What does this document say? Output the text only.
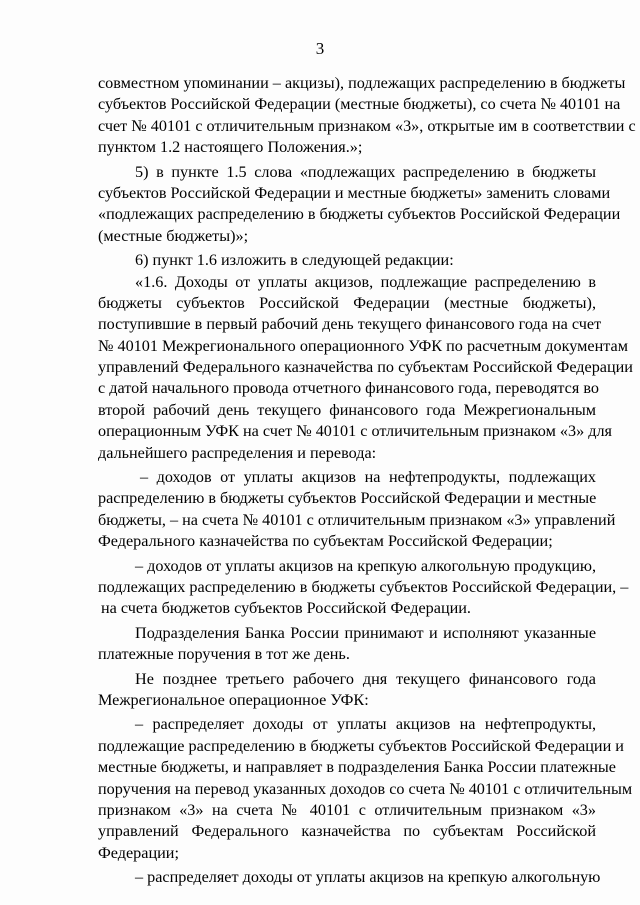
3
совместном упоминании – акцизы), подлежащих распределению в бюджеты
субъектов Российской Федерации (местные бюджеты), со счета № 40101 на
счет № 40101 с отличительным признаком «3», открытые им в соответствии с
пунктом 1.2 настоящего Положения.»;
5) в пункте 1.5 слова «подлежащих распределению в бюджеты
субъектов Российской Федерации и местные бюджеты» заменить словами
«подлежащих распределению в бюджеты субъектов Российской Федерации
(местные бюджеты)»;
6) пункт 1.6 изложить в следующей редакции:
«1.6. Доходы от уплаты акцизов, подлежащие распределению в
бюджеты субъектов Российской Федерации (местные бюджеты),
поступившие в первый рабочий день текущего финансового года на счет
№ 40101 Межрегионального операционного УФК по расчетным документам
управлений Федерального казначейства по субъектам Российской Федерации
с датой начального провода отчетного финансового года, переводятся во
второй рабочий день текущего финансового года Межрегиональным
операционным УФК на счет № 40101 с отличительным признаком «3» для
дальнейшего распределения и перевода:
– доходов от уплаты акцизов на нефтепродукты, подлежащих
распределению в бюджеты субъектов Российской Федерации и местные
бюджеты, – на счета № 40101 с отличительным признаком «3» управлений
Федерального казначейства по субъектам Российской Федерации;
– доходов от уплаты акцизов на крепкую алкогольную продукцию,
подлежащих распределению в бюджеты субъектов Российской Федерации, –
на счета бюджетов субъектов Российской Федерации.
Подразделения Банка России принимают и исполняют указанные
платежные поручения в тот же день.
Не позднее третьего рабочего дня текущего финансового года
Межрегиональное операционное УФК:
– распределяет доходы от уплаты акцизов на нефтепродукты,
подлежащие распределению в бюджеты субъектов Российской Федерации и
местные бюджеты, и направляет в подразделения Банка России платежные
поручения на перевод указанных доходов со счета № 40101 с отличительным
признаком «3» на счета № 40101 с отличительным признаком «3»
управлений Федерального казначейства по субъектам Российской
Федерации;
– распределяет доходы от уплаты акцизов на крепкую алкогольную
